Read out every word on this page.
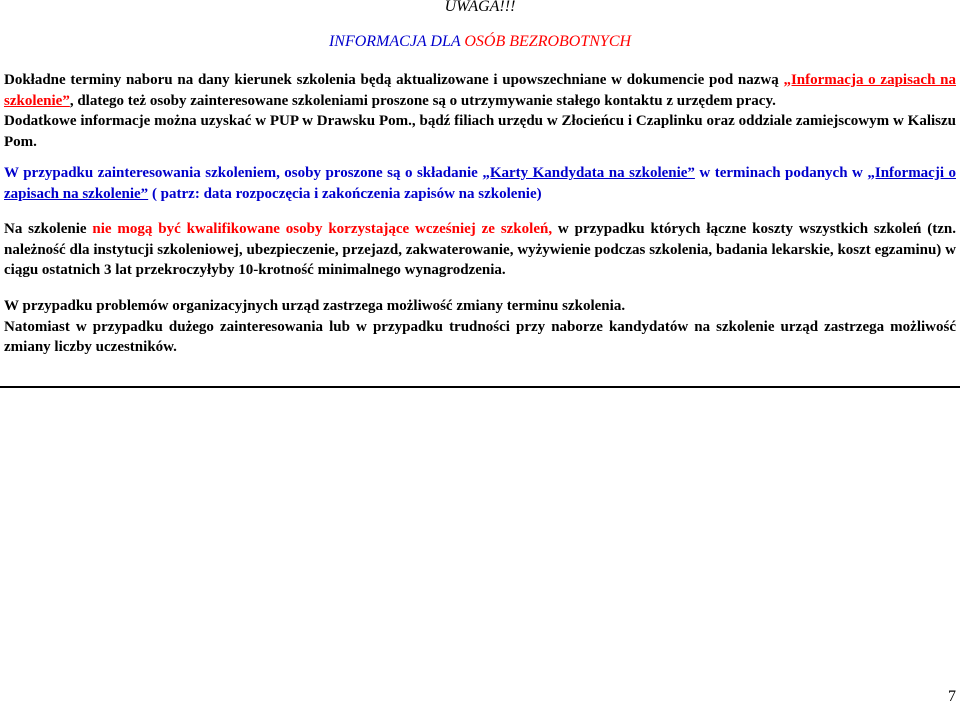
UWAGA!!!
INFORMACJA DLA OSÓB BEZROBOTNYCH
Dokładne terminy naboru na dany kierunek szkolenia będą aktualizowane i upowszechniane w dokumencie pod nazwą „Informacja o zapisach na szkolenie”, dlatego też osoby zainteresowane szkoleniami proszone są o utrzymywanie stałego kontaktu z urzędem pracy.
Dodatkowe informacje można uzyskać w PUP w Drawsku Pom., bądź filiach urzędu w Złocieńcu i Czaplinku oraz oddziale zamiejscowym w Kaliszu Pom.
W przypadku zainteresowania szkoleniem, osoby proszone są o składanie „Karty Kandydata na szkolenie” w terminach podanych w „Informacji o zapisach na szkolenie” ( patrz: data rozpoczęcia i zakończenia zapisów na szkolenie)
Na szkolenie nie mogą być kwalifikowane osoby korzystające wcześniej ze szkoleń, w przypadku których łączne koszty wszystkich szkoleń (tzn. należność dla instytucji szkoleniowej, ubezpieczenie, przejazd, zakwaterowanie, wyżywienie podczas szkolenia, badania lekarskie, koszt egzaminu) w ciągu ostatnich 3 lat przekroczyłyby 10-krotność minimalnego wynagrodzenia.
W przypadku problemów organizacyjnych urząd zastrzega możliwość zmiany terminu szkolenia.
Natomiast w przypadku dużego zainteresowania lub w przypadku trudności przy naborze kandydatów na szkolenie urząd zastrzega możliwość zmiany liczby uczestników.
7
